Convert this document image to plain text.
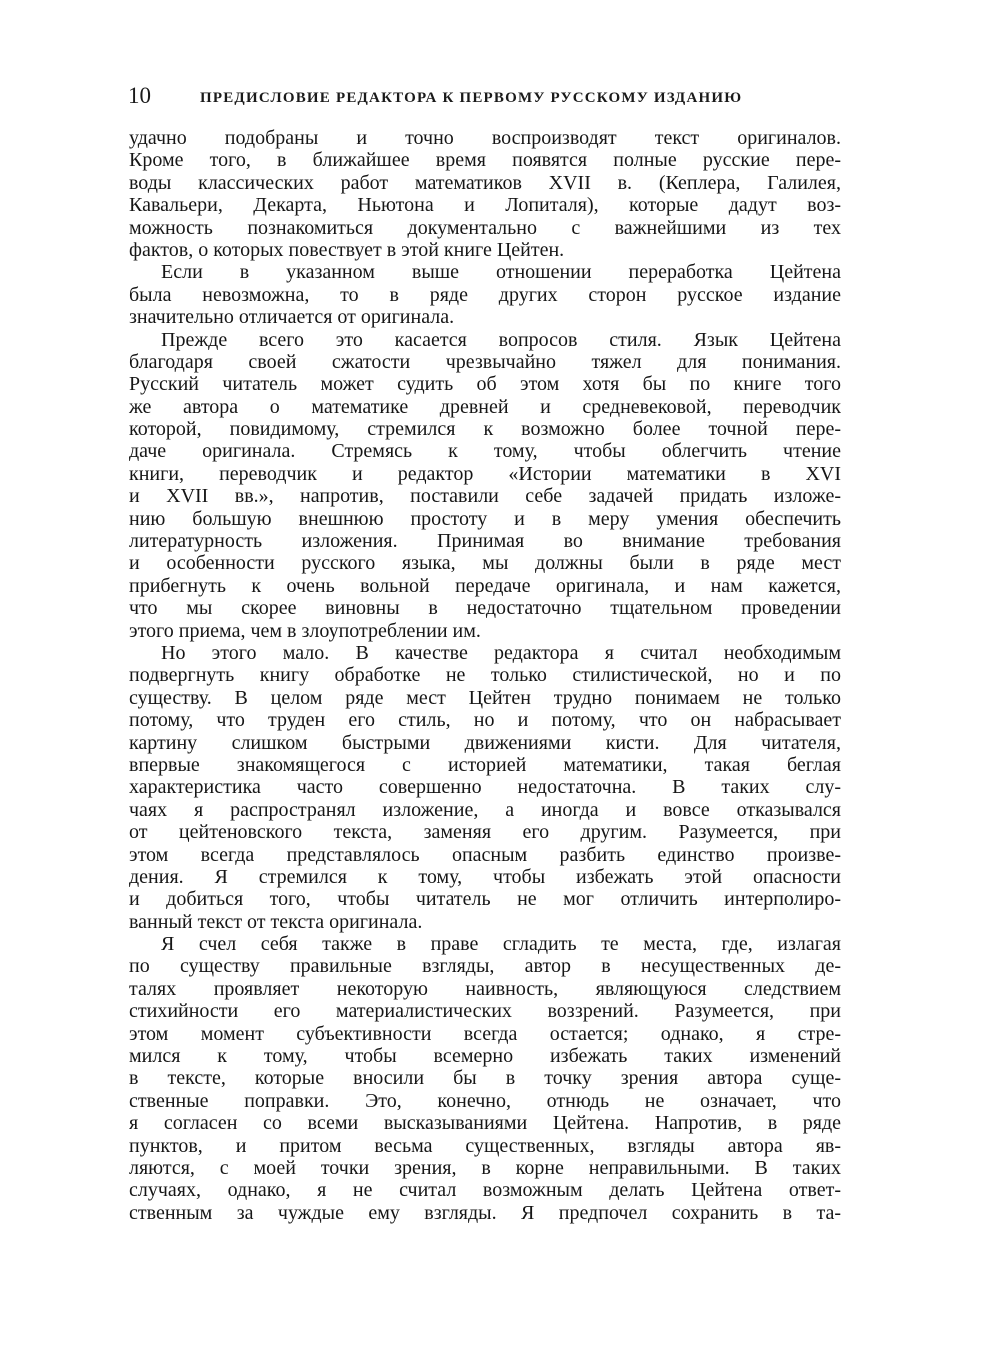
10	ПРЕДИСЛОВИЕ РЕДАКТОРА К ПЕРВОМУ РУССКОМУ ИЗДАНИЮ
удачно подобраны и точно воспроизводят текст оригиналов.
Кроме того, в ближайшее время появятся полные русские пере-
воды классических работ математиков XVII в. (Кеплера, Галилея,
Кавальери, Декарта, Ньютона и Лопиталя), которые дадут воз-
можность познакомиться документально с важнейшими из тех
фактов, о которых повествует в этой книге Цейтен.
Если в указанном выше отношении переработка Цейтена
была невозможна, то в ряде других сторон русское издание
значительно отличается от оригинала.
Прежде всего это касается вопросов стиля. Язык Цейтена
благодаря своей сжатости чрезвычайно тяжел для понимания.
Русский читатель может судить об этом хотя бы по книге того
же автора о математике древней и средневековой, переводчик
которой, повидимому, стремился к возможно более точной пере-
даче оригинала. Стремясь к тому, чтобы облегчить чтение
книги, переводчик и редактор «Истории математики в XVI
и XVII вв.», напротив, поставили себе задачей придать изложе-
нию большую внешнюю простоту и в меру умения обеспечить
литературность изложения. Принимая во внимание требования
и особенности русского языка, мы должны были в ряде мест
прибегнуть к очень вольной передаче оригинала, и нам кажется,
что мы скорее виновны в недостаточно тщательном проведении
этого приема, чем в злоупотреблении им.
Но этого мало. В качестве редактора я считал необходимым
подвергнуть книгу обработке не только стилистической, но и по
существу. В целом ряде мест Цейтен трудно понимаем не только
потому, что труден его стиль, но и потому, что он набрасывает
картину слишком быстрыми движениями кисти. Для читателя,
впервые знакомящегося с историей математики, такая беглая
характеристика часто совершенно недостаточна. В таких слу-
чаях я распространял изложение, а иногда и вовсе отказывался
от цейтеновского текста, заменяя его другим. Разумеется, при
этом всегда представлялось опасным разбить единство произве-
дения. Я стремился к тому, чтобы избежать этой опасности
и добиться того, чтобы читатель не мог отличить интерполиро-
ванный текст от текста оригинала.
Я счел себя также в праве сгладить те места, где, излагая
по существу правильные взгляды, автор в несущественных де-
талях проявляет некоторую наивность, являющуюся следствием
стихийности его материалистических воззрений. Разумеется, при
этом момент субъективности всегда остается; однако, я стре-
мился к тому, чтобы всемерно избежать таких изменений
в тексте, которые вносили бы в точку зрения автора суще-
ственные поправки. Это, конечно, отнюдь не означает, что
я согласен со всеми высказываниями Цейтена. Напротив, в ряде
пунктов, и притом весьма существенных, взгляды автора яв-
ляются, с моей точки зрения, в корне неправильными. В таких
случаях, однако, я не считал возможным делать Цейтена ответ-
ственным за чуждые ему взгляды. Я предпочел сохранить в та-
